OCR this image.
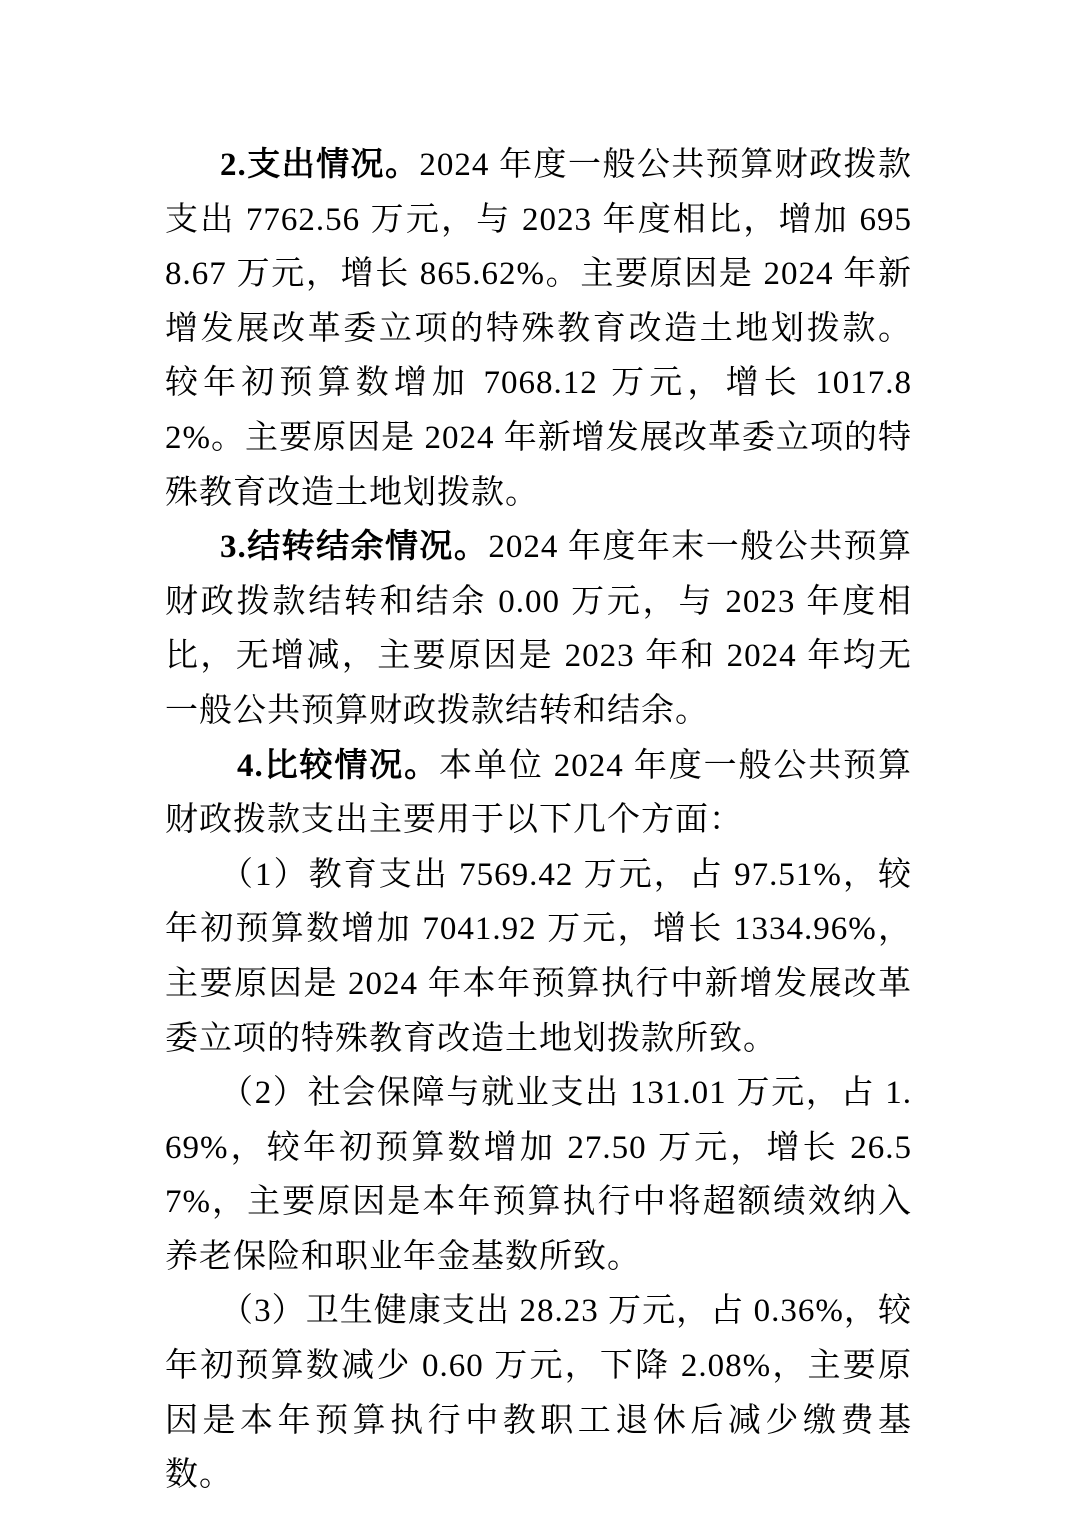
2.支出情况。2024 年度一般公共预算财政拨款支出 7762.56 万元，与 2023 年度相比，增加 6958.67 万元，增长 865.62%。主要原因是 2024 年新增发展改革委立项的特殊教育改造土地划拨款。较年初预算数增加 7068.12 万元，增长 1017.82%。主要原因是 2024 年新增发展改革委立项的特殊教育改造土地划拨款。

3.结转结余情况。2024 年度年末一般公共预算财政拨款结转和结余 0.00 万元，与 2023 年度相比，无增减，主要原因是 2023 年和 2024 年均无一般公共预算财政拨款结转和结余。

4.比较情况。本单位 2024 年度一般公共预算财政拨款支出主要用于以下几个方面：

（1）教育支出 7569.42 万元，占 97.51%，较年初预算数增加 7041.92 万元，增长 1334.96%，主要原因是 2024 年本年预算执行中新增发展改革委立项的特殊教育改造土地划拨款所致。

（2）社会保障与就业支出 131.01 万元，占 1.69%，较年初预算数增加 27.50 万元，增长 26.57%，主要原因是本年预算执行中将超额绩效纳入养老保险和职业年金基数所致。

（3）卫生健康支出 28.23 万元，占 0.36%，较年初预算数减少 0.60 万元，下降 2.08%，主要原因是本年预算执行中教职工退休后减少缴费基数。
